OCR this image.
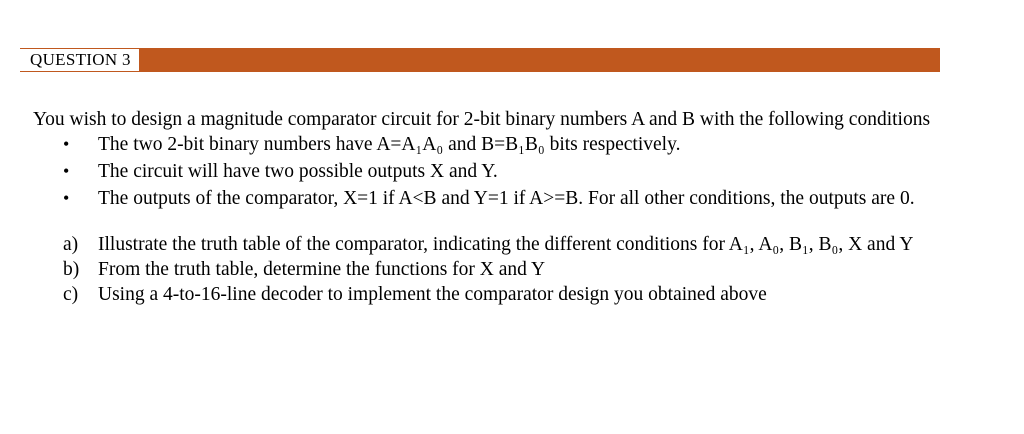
QUESTION 3

You wish to design a magnitude comparator circuit for 2-bit binary numbers A and B with the following conditions

• The two 2-bit binary numbers have A=A₁A₀ and B=B₁B₀ bits respectively.
• The circuit will have two possible outputs X and Y.
• The outputs of the comparator, X=1 if A<B and Y=1 if A>=B. For all other conditions, the outputs are 0.
a) Illustrate the truth table of the comparator, indicating the different conditions for A₁, A₀, B₁, B₀, X and Y
b) From the truth table, determine the functions for X and Y
c) Using a 4-to-16-line decoder to implement the comparator design you obtained above
